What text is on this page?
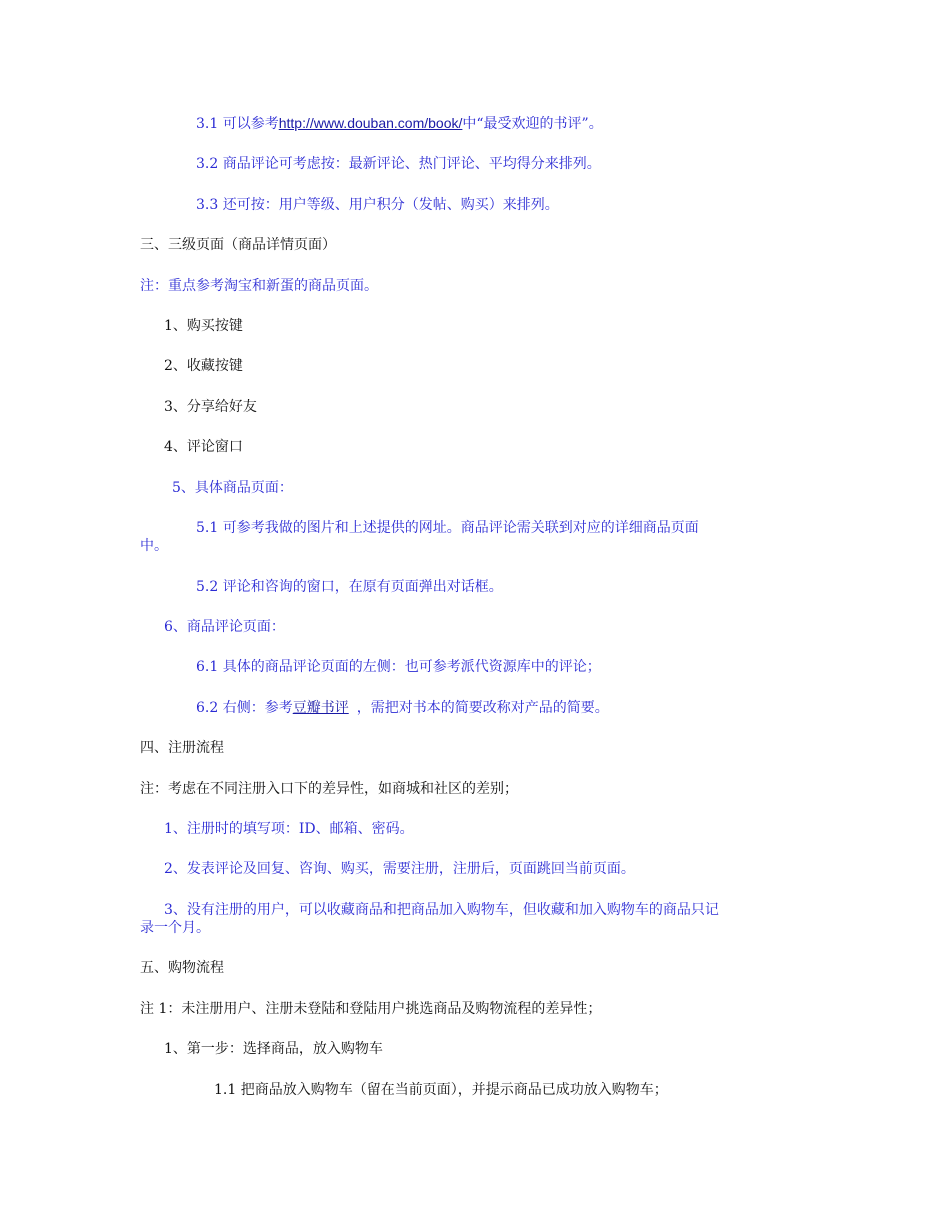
3.1 可以参考http://www.douban.com/book/中“最受欢迎的书评”。
3.2 商品评论可考虑按：最新评论、热门评论、平均得分来排列。
3.3 还可按：用户等级、用户积分（发帖、购买）来排列。
三、三级页面（商品详情页面）
注：重点参考淘宝和新蛋的商品页面。
1、购买按键
2、收藏按键
3、分享给好友
4、评论窗口
5、具体商品页面：
5.1 可参考我做的图片和上述提供的网址。商品评论需关联到对应的详细商品页面
中。
5.2 评论和咨询的窗口，在原有页面弹出对话框。
6、商品评论页面：
6.1 具体的商品评论页面的左侧：也可参考派代资源库中的评论；
6.2 右侧：参考豆瓣书评 ，需把对书本的简要改称对产品的简要。
四、注册流程
注：考虑在不同注册入口下的差异性，如商城和社区的差别；
1、注册时的填写项：ID、邮箱、密码。
2、发表评论及回复、咨询、购买，需要注册，注册后，页面跳回当前页面。
3、没有注册的用户，可以收藏商品和把商品加入购物车，但收藏和加入购物车的商品只记
录一个月。
五、购物流程
注 1：未注册用户、注册未登陆和登陆用户挑选商品及购物流程的差异性；
1、第一步：选择商品，放入购物车
1.1 把商品放入购物车（留在当前页面），并提示商品已成功放入购物车；
